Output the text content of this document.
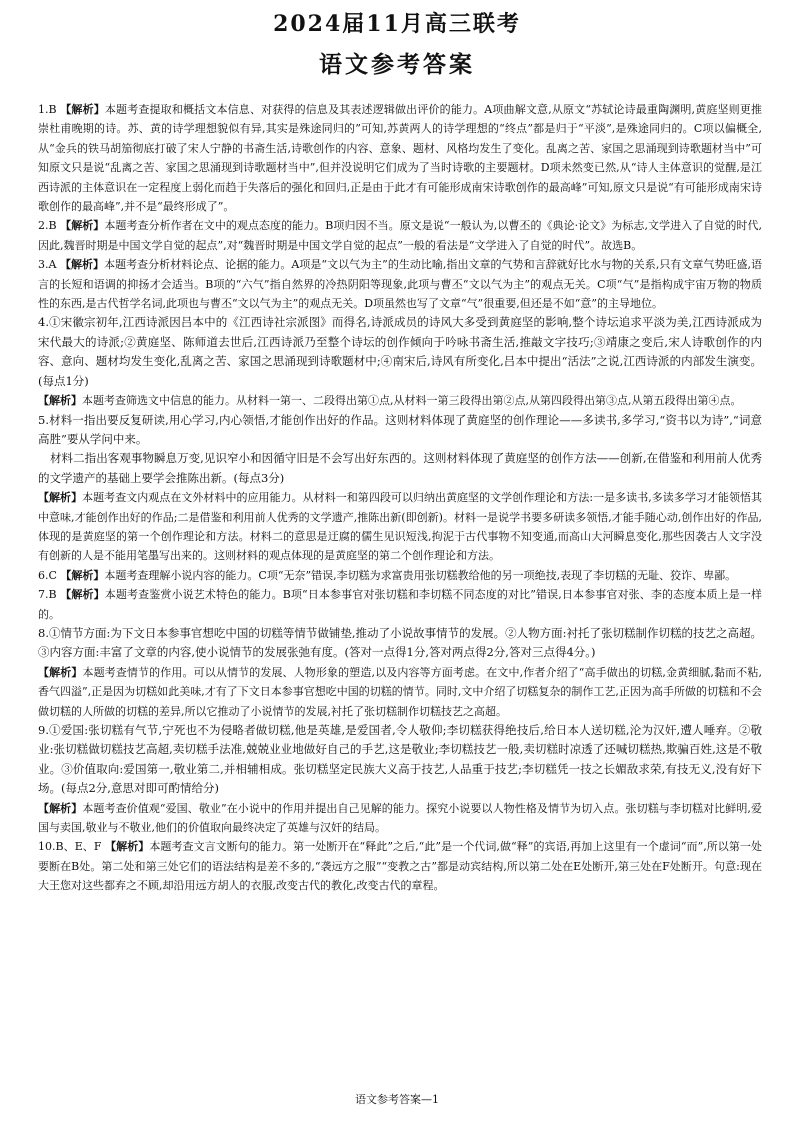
2024届11月高三联考
语文参考答案

1.B 【解析】本题考查提取和概括文本信息、对获得的信息及其表述逻辑做出评价的能力。A项曲解文意,从原文“苏轼论诗最重陶渊明,黄庭坚则更推崇杜甫晚期的诗。苏、黄的诗学理想貌似有异,其实是殊途同归的”可知,苏黄两人的诗学理想的“终点”都是归于“平淡”,是殊途同归的。C项以偏概全,从“金兵的铁马胡笳彻底打破了宋人宁静的书斋生活,诗歌创作的内容、意象、题材、风格均发生了变化。乱离之苦、家国之思涌现到诗歌题材当中”可知原文只是说“乱离之苦、家国之思涌现到诗歌题材当中”,但并没说明它们成为了当时诗歌的主要题材。D项未然变已然,从“诗人主体意识的觉醒,是江西诗派的主体意识在一定程度上弱化而趋于失落后的强化和回归,正是由于此才有可能形成南宋诗歌创作的最高峰”可知,原文只是说“有可能形成南宋诗歌创作的最高峰”,并不是“最终形成了”。

2.B 【解析】本题考查分析作者在文中的观点态度的能力。B项归因不当。原文是说“一般认为,以曹丕的《典论·论文》为标志,文学进入了自觉的时代,因此,魏晋时期是中国文学自觉的起点”,对“魏晋时期是中国文学自觉的起点”一般的看法是“文学进入了自觉的时代”。故选B。

3.A 【解析】本题考查分析材料论点、论据的能力。A项是“文以气为主”的生动比喻,指出文章的气势和言辞就好比水与物的关系,只有文章气势旺盛,语言的长短和语调的抑扬才会适当。B项的“六气”指自然界的冷热阴阳等现象,此项与曹丕“文以气为主”的观点无关。C项“气”是指构成宇宙万物的物质性的东西,是古代哲学名词,此项也与曹丕“文以气为主”的观点无关。D项虽然也写了文章“气”很重要,但还是不如“意”的主导地位。

4.①宋徽宗初年,江西诗派因吕本中的《江西诗社宗派图》而得名,诗派成员的诗风大多受到黄庭坚的影响,整个诗坛追求平淡为美,江西诗派成为宋代最大的诗派;②黄庭坚、陈师道去世后,江西诗派乃至整个诗坛的创作倾向于吟咏书斋生活,推敲文字技巧;③靖康之变后,宋人诗歌创作的内容、意向、题材均发生变化,乱离之苦、家国之思涌现到诗歌题材中;④南宋后,诗风有所变化,吕本中提出“活法”之说,江西诗派的内部发生演变。(每点1分)

【解析】本题考查筛选文中信息的能力。从材料一第一、二段得出第①点,从材料一第三段得出第②点,从第四段得出第③点,从第五段得出第④点。

5.材料一指出要反复研读,用心学习,内心领悟,才能创作出好的作品。这则材料体现了黄庭坚的创作理论——多读书,多学习,“资书以为诗”,“词意高胜”要从学问中来。

材料二指出客观事物瞬息万变,见识窄小和因循守旧是不会写出好东西的。这则材料体现了黄庭坚的创作方法——创新,在借鉴和利用前人优秀的文学遗产的基础上要学会推陈出新。(每点3分)

【解析】本题考查文内观点在文外材料中的应用能力。从材料一和第四段可以归纳出黄庭坚的文学创作理论和方法:一是多读书,多读多学习才能领悟其中意味,才能创作出好的作品;二是借鉴和利用前人优秀的文学遗产,推陈出新(即创新)。材料一是说学书要多研读多领悟,才能手随心动,创作出好的作品,体现的是黄庭坚的第一个创作理论和方法。材料二的意思是迂腐的儒生见识短浅,拘泥于古代事物不知变通,而高山大河瞬息变化,那些因袭古人文字没有创新的人是不能用笔墨写出来的。这则材料的观点体现的是黄庭坚的第二个创作理论和方法。

6.C 【解析】本题考查理解小说内容的能力。C项“无奈”错误,李切糕为求富贵用张切糕教给他的另一项绝技,表现了李切糕的无耻、狡诈、卑鄙。

7.B 【解析】本题考查鉴赏小说艺术特色的能力。B项“日本参事官对张切糕和李切糕不同态度的对比”错误,日本参事官对张、李的态度本质上是一样的。

8.①情节方面:为下文日本参事官想吃中国的切糕等情节做铺垫,推动了小说故事情节的发展。②人物方面:衬托了张切糕制作切糕的技艺之高超。③内容方面:丰富了文章的内容,使小说情节的发展张弛有度。(答对一点得1分,答对两点得2分,答对三点得4分。)

【解析】本题考查情节的作用。可以从情节的发展、人物形象的塑造,以及内容等方面考虑。在文中,作者介绍了“高手做出的切糕,金黄细腻,黏而不粘,香气四溢”,正是因为切糕如此美味,才有了下文日本参事官想吃中国的切糕的情节。同时,文中介绍了切糕复杂的制作工艺,正因为高手所做的切糕和不会做切糕的人所做的切糕的差异,所以它推动了小说情节的发展,衬托了张切糕制作切糕技艺之高超。

9.①爱国:张切糕有气节,宁死也不为侵略者做切糕,他是英雄,是爱国者,令人敬仰;李切糕获得绝技后,给日本人送切糕,沦为汉奸,遭人唾弃。②敬业:张切糕做切糕技艺高超,卖切糕手法准,兢兢业业地做好自己的手艺,这是敬业;李切糕技艺一般,卖切糕时凉透了还喊切糕热,欺骗百姓,这是不敬业。③价值取向:爱国第一,敬业第二,并相辅相成。张切糕坚定民族大义高于技艺,人品重于技艺;李切糕凭一技之长媚敌求荣,有技无义,没有好下场。(每点2分,意思对即可酌情给分)

【解析】本题考查价值观“爱国、敬业”在小说中的作用并提出自己见解的能力。探究小说要以人物性格及情节为切入点。张切糕与李切糕对比鲜明,爱国与卖国,敬业与不敬业,他们的价值取向最终决定了英雄与汉奸的结局。

10.B、E、F 【解析】本题考查文言文断句的能力。第一处断开在“释此”之后,“此”是一个代词,做“释”的宾语,再加上这里有一个虚词“而”,所以第一处要断在B处。第二处和第三处它们的语法结构是差不多的,“袭远方之服”“变教之古”都是动宾结构,所以第二处在E处断开,第三处在F处断开。句意:现在大王您对这些都弃之不顾,却沿用远方胡人的衣服,改变古代的教化,改变古代的章程。

语文参考答案—1
